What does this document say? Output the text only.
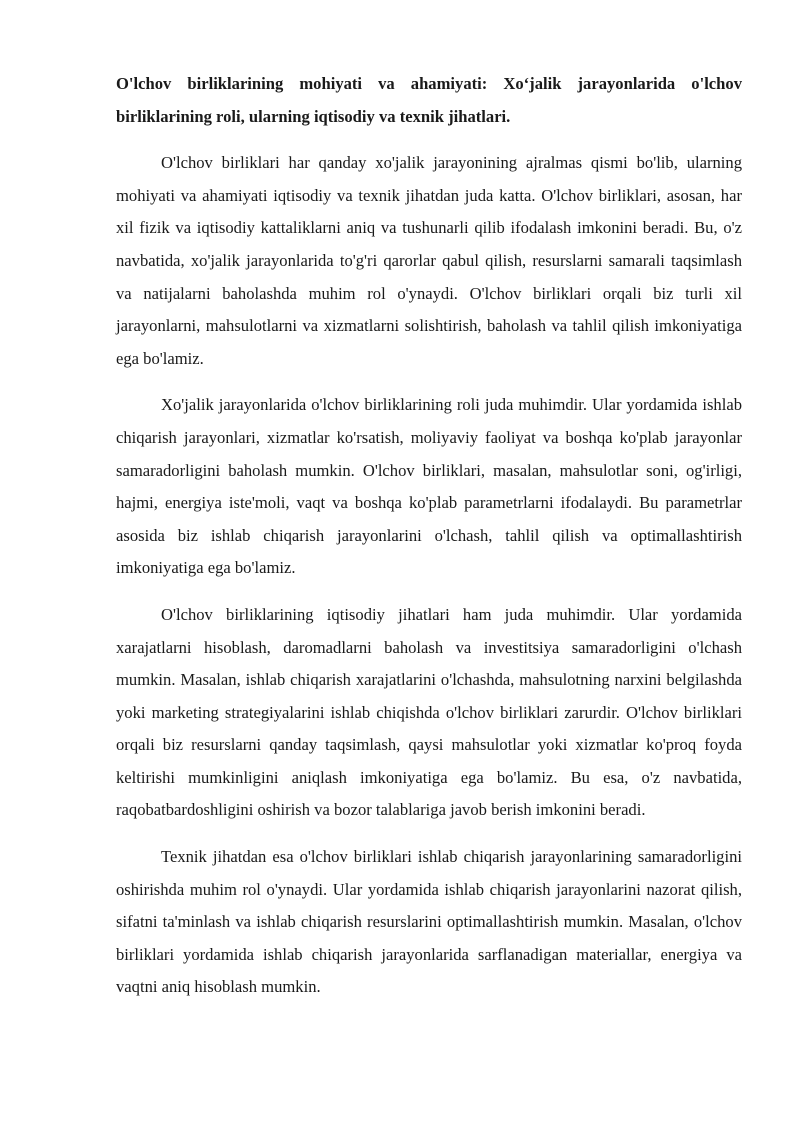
O'lchov birliklarining mohiyati va ahamiyati: Xo‘jalik jarayonlarida o'lchov birliklarining roli, ularning iqtisodiy va texnik jihatlari.

O'lchov birliklari har qanday xo'jalik jarayonining ajralmas qismi bo'lib, ularning mohiyati va ahamiyati iqtisodiy va texnik jihatdan juda katta. O'lchov birliklari, asosan, har xil fizik va iqtisodiy kattaliklarni aniq va tushunarli qilib ifodalash imkonini beradi. Bu, o'z navbatida, xo'jalik jarayonlarida to'g'ri qarorlar qabul qilish, resurslarni samarali taqsimlash va natijalarni baholashda muhim rol o'ynaydi. O'lchov birliklari orqali biz turli xil jarayonlarni, mahsulotlarni va xizmatlarni solishtirish, baholash va tahlil qilish imkoniyatiga ega bo'lamiz.

Xo'jalik jarayonlarida o'lchov birliklarining roli juda muhimdir. Ular yordamida ishlab chiqarish jarayonlari, xizmatlar ko'rsatish, moliyaviy faoliyat va boshqa ko'plab jarayonlar samaradorligini baholash mumkin. O'lchov birliklari, masalan, mahsulotlar soni, og'irligi, hajmi, energiya iste'moli, vaqt va boshqa ko'plab parametrlarni ifodalaydi. Bu parametrlar asosida biz ishlab chiqarish jarayonlarini o'lchash, tahlil qilish va optimallashtirish imkoniyatiga ega bo'lamiz.

O'lchov birliklarining iqtisodiy jihatlari ham juda muhimdir. Ular yordamida xarajatlarni hisoblash, daromadlarni baholash va investitsiya samaradorligini o'lchash mumkin. Masalan, ishlab chiqarish xarajatlarini o'lchashda, mahsulotning narxini belgilashda yoki marketing strategiyalarini ishlab chiqishda o'lchov birliklari zarurdir. O'lchov birliklari orqali biz resurslarni qanday taqsimlash, qaysi mahsulotlar yoki xizmatlar ko'proq foyda keltirishi mumkinligini aniqlash imkoniyatiga ega bo'lamiz. Bu esa, o'z navbatida, raqobatbardoshligini oshirish va bozor talablariga javob berish imkonini beradi.

Texnik jihatdan esa o'lchov birliklari ishlab chiqarish jarayonlarining samaradorligini oshirishda muhim rol o'ynaydi. Ular yordamida ishlab chiqarish jarayonlarini nazorat qilish, sifatni ta'minlash va ishlab chiqarish resurslarini optimallashtirish mumkin. Masalan, o'lchov birliklari yordamida ishlab chiqarish jarayonlarida sarflanadigan materiallar, energiya va vaqtni aniq hisoblash mumkin.
